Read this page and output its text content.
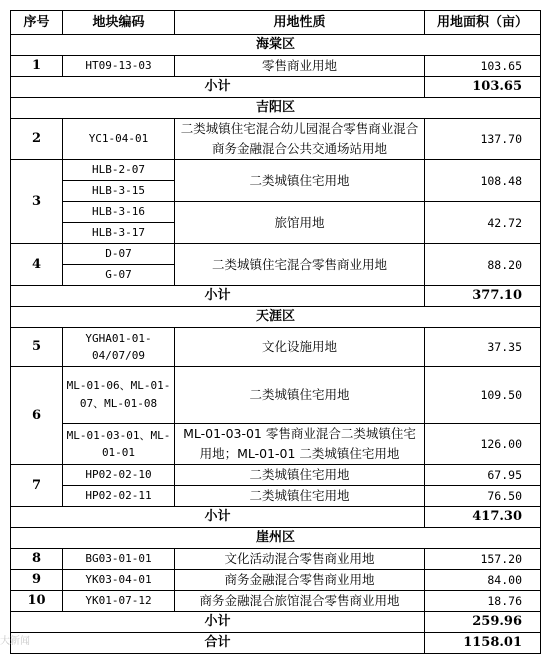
序号	地块编码	用地性质	用地面积（亩）
海棠区			
1	HT09-13-03	零售商业用地	103.65
小计			103.65
吉阳区			
2	YC1-04-01	二类城镇住宅混合幼儿园混合零售商业混合商务金融混合公共交通场站用地	137.70
3	HLB-2-07	二类城镇住宅用地	108.48
	HLB-3-15		
	HLB-3-16	旅馆用地	42.72
	HLB-3-17		
4	D-07	二类城镇住宅混合零售商业用地	88.20
	G-07		
小计			377.10
天涯区			
5	YGHA01-01-04/07/09	文化设施用地	37.35
6	ML-01-06、ML-01-07、ML-01-08	二类城镇住宅用地	109.50
	ML-01-03-01、ML-01-01	ML-01-03-01 零售商业混合二类城镇住宅用地；ML-01-01 二类城镇住宅用地	126.00
7	HP02-02-10	二类城镇住宅用地	67.95
	HP02-02-11	二类城镇住宅用地	76.50
小计			417.30
崖州区			
8	BG03-01-01	文化活动混合零售商业用地	157.20
9	YK03-04-01	商务金融混合零售商业用地	84.00
10	YK01-07-12	商务金融混合旅馆混合零售商业用地	18.76
小计			259.96
合计			1158.01
大新闻
